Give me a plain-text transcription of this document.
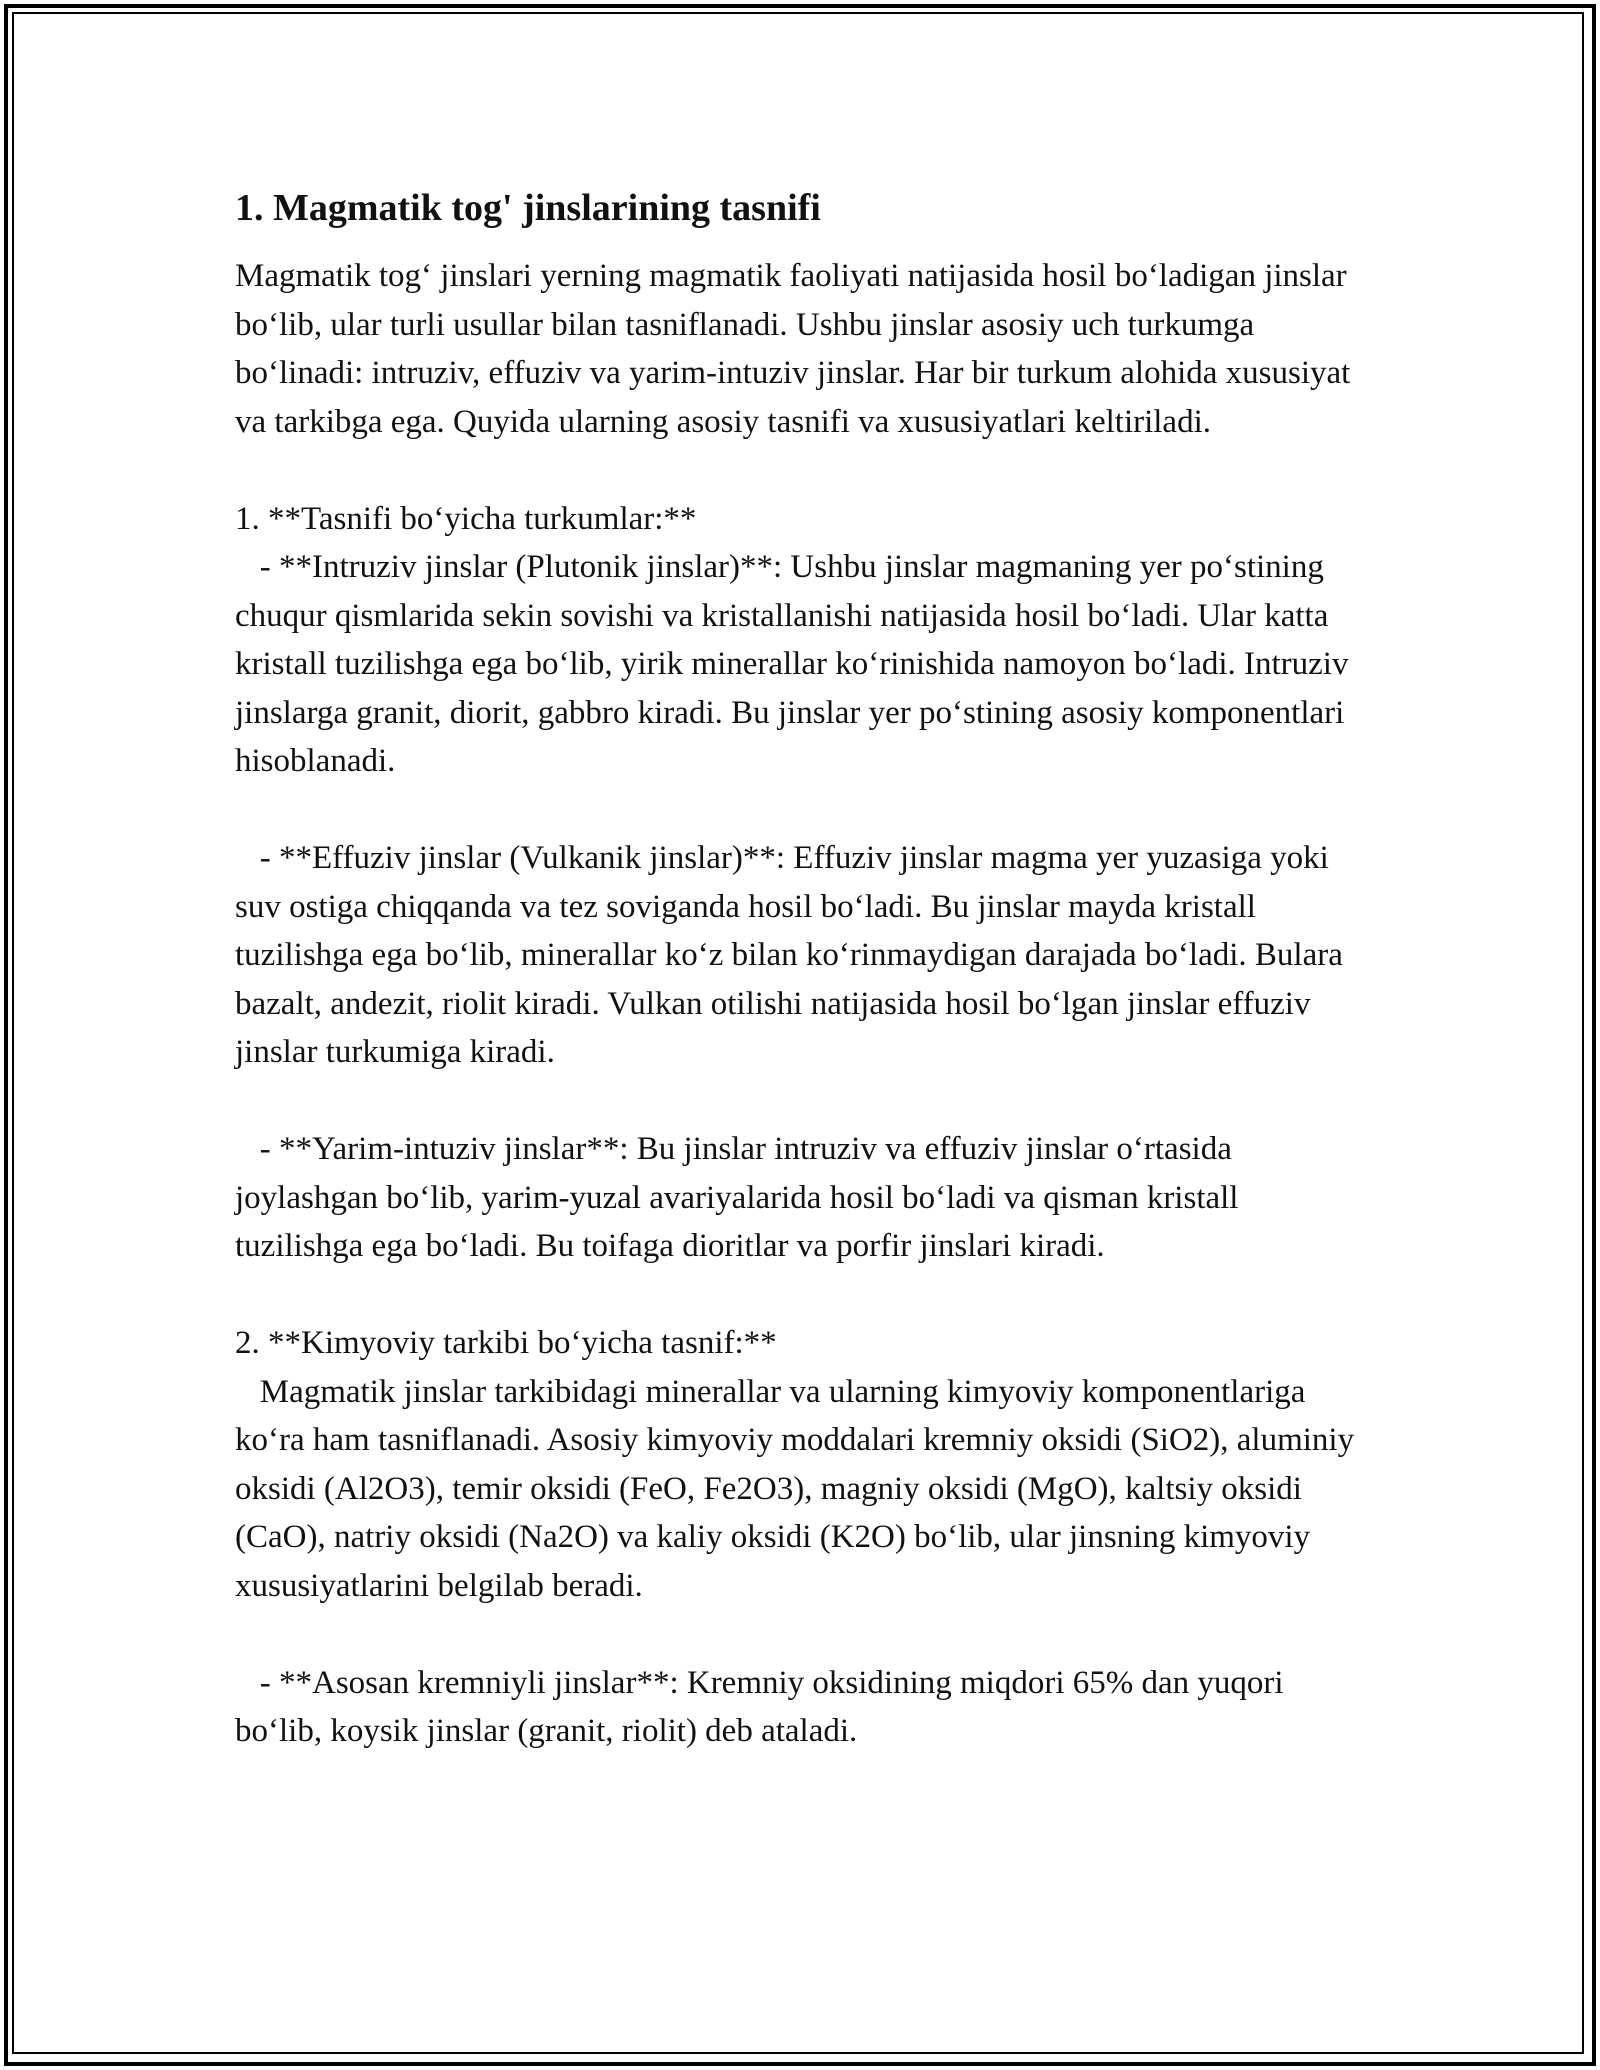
1. Magmatik tog' jinslarining tasnifi

Magmatik tog‘ jinslari yerning magmatik faoliyati natijasida hosil bo‘ladigan jinslar bo‘lib, ular turli usullar bilan tasniflanadi. Ushbu jinslar asosiy uch turkumga bo‘linadi: intruziv, effuziv va yarim-intuziv jinslar. Har bir turkum alohida xususiyat va tarkibga ega. Quyida ularning asosiy tasnifi va xususiyatlari keltiriladi.

1. **Tasnifi bo‘yicha turkumlar:**

- **Intruziv jinslar (Plutonik jinslar)**: Ushbu jinslar magmaning yer po‘stining chuqur qismlarida sekin sovishi va kristallanishi natijasida hosil bo‘ladi. Ular katta kristall tuzilishga ega bo‘lib, yirik minerallar ko‘rinishida namoyon bo‘ladi. Intruziv jinslarga granit, diorit, gabbro kiradi. Bu jinslar yer po‘stining asosiy komponentlari hisoblanadi.

- **Effuziv jinslar (Vulkanik jinslar)**: Effuziv jinslar magma yer yuzasiga yoki suv ostiga chiqqanda va tez soviganda hosil bo‘ladi. Bu jinslar mayda kristall tuzilishga ega bo‘lib, minerallar ko‘z bilan ko‘rinmaydigan darajada bo‘ladi. Bulara bazalt, andezit, riolit kiradi. Vulkan otilishi natijasida hosil bo‘lgan jinslar effuziv jinslar turkumiga kiradi.

- **Yarim-intuziv jinslar**: Bu jinslar intruziv va effuziv jinslar o‘rtasida joylashgan bo‘lib, yarim-yuzal avariyalarida hosil bo‘ladi va qisman kristall tuzilishga ega bo‘ladi. Bu toifaga dioritlar va porfir jinslari kiradi.

2. **Kimyoviy tarkibi bo‘yicha tasnif:**

Magmatik jinslar tarkibidagi minerallar va ularning kimyoviy komponentlariga ko‘ra ham tasniflanadi. Asosiy kimyoviy moddalari kremniy oksidi (SiO2), aluminiy oksidi (Al2O3), temir oksidi (FeO, Fe2O3), magniy oksidi (MgO), kaltsiy oksidi (CaO), natriy oksidi (Na2O) va kaliy oksidi (K2O) bo‘lib, ular jinsning kimyoviy xususiyatlarini belgilab beradi.

- **Asosan kremniyli jinslar**: Kremniy oksidining miqdori 65% dan yuqori bo‘lib, koysik jinslar (granit, riolit) deb ataladi.
